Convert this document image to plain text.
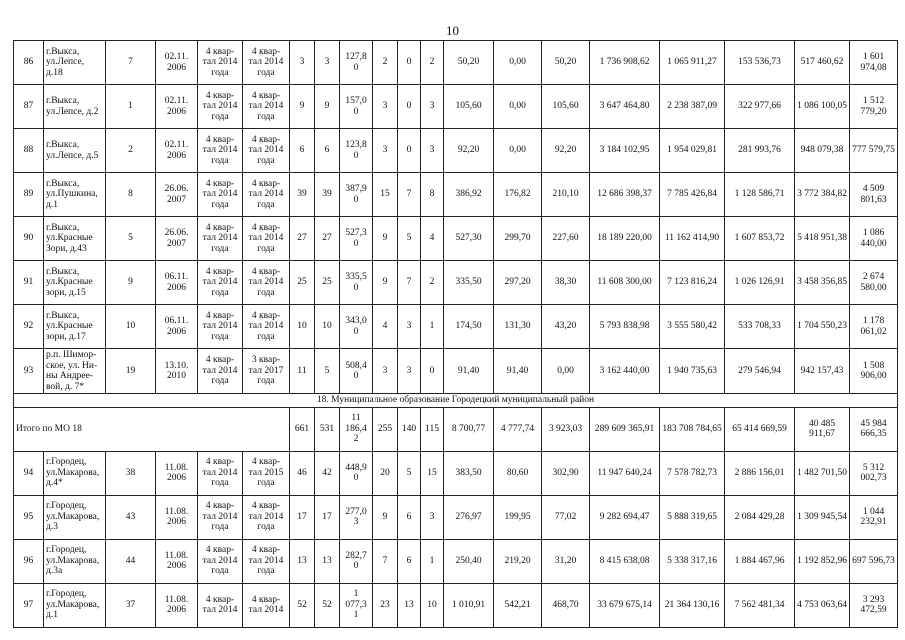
10
86	г.Выкса, ул.Лепсе, д.18	7	02.11. 2006	4 квар- тал 2014 года	4 квар- тал 2014 года	3	3	127,8 0	2	0	2	50,20	0,00	50,20	1 736 908,62	1 065 911,27	153 536,73	517 460,62	1 601 974,08
87	г.Выкса, ул.Лепсе, д.2	1	02.11. 2006	4 квар- тал 2014 года	4 квар- тал 2014 года	9	9	157,0 0	3	0	3	105,60	0,00	105,60	3 647 464,80	2 238 387,09	322 977,66	1 086 100,05	1 512 779,20
88	г.Выкса, ул.Лепсе, д.5	2	02.11. 2006	4 квар- тал 2014 года	4 квар- тал 2014 года	6	6	123,8 0	3	0	3	92,20	0,00	92,20	3 184 102,95	1 954 029,81	281 993,76	948 079,38	777 579,75
89	г.Выкса, ул.Пушкина, д.1	8	26.06. 2007	4 квар- тал 2014 года	4 квар- тал 2014 года	39	39	387,9 0	15	7	8	386,92	176,82	210,10	12 686 398,37	7 785 426,84	1 128 586,71	3 772 384,82	4 509 801,63
90	г.Выкса, ул.Красные Зори, д.43	5	26.06. 2007	4 квар- тал 2014 года	4 квар- тал 2014 года	27	27	527,3 0	9	5	4	527,30	299,70	227,60	18 189 220,00	11 162 414,90	1 607 853,72	5 418 951,38	1 086 440,00
91	г.Выкса, ул.Красные зори, д.15	9	06.11. 2006	4 квар- тал 2014 года	4 квар- тал 2014 года	25	25	335,5 0	9	7	2	335,50	297,20	38,30	11 608 300,00	7 123 816,24	1 026 126,91	3 458 356,85	2 674 580,00
92	г.Выкса, ул.Красные зори, д.17	10	06.11. 2006	4 квар- тал 2014 года	4 квар- тал 2014 года	10	10	343,0 0	4	3	1	174,50	131,30	43,20	5 793 838,98	3 555 580,42	533 708,33	1 704 550,23	1 178 061,02
93	р.п. Шимор- ское, ул. Ни- ны Андрее- вой, д. 7*	19	13.10. 2010	4 квар- тал 2014 года	3 квар- тал 2017 года	11	5	508,4 0	3	3	0	91,40	91,40	0,00	3 162 440,00	1 940 735,63	279 546,94	942 157,43	1 508 906,00
18. Муниципальное образование Городецкий муниципальный район																			
Итого по МО 18						661	531	11 186,4 2	255	140	115	8 700,77	4 777,74	3 923,03	289 609 365,91	183 708 784,65	65 414 669,59	40 485 911,67	45 984 666,35
94	г.Городец, ул.Макарова, д.4*	38	11.08. 2006	4 квар- тал 2014 года	4 квар- тал 2015 года	46	42	448,9 0	20	5	15	383,50	80,60	302,90	11 947 640,24	7 578 782,73	2 886 156,01	1 482 701,50	5 312 002,73
95	г.Городец, ул.Макарова, д.3	43	11.08. 2006	4 квар- тал 2014 года	4 квар- тал 2014 года	17	17	277,0 3	9	6	3	276,97	199,95	77,02	9 282 694,47	5 888 319,65	2 084 429,28	1 309 945,54	1 044 232,91
96	г.Городец, ул.Макарова, д.3а	44	11.08. 2006	4 квар- тал 2014 года	4 квар- тал 2014 года	13	13	282,7 0	7	6	1	250,40	219,20	31,20	8 415 638,08	5 338 317,16	1 884 467,96	1 192 852,96	697 596,73
97	г.Городец, ул.Макарова, д.1	37	11.08. 2006	4 квар- тал 2014	4 квар- тал 2014	52	52	1 077,3 1	23	13	10	1 010,91	542,21	468,70	33 679 675,14	21 364 130,16	7 562 481,34	4 753 063,64	3 293 472,59
